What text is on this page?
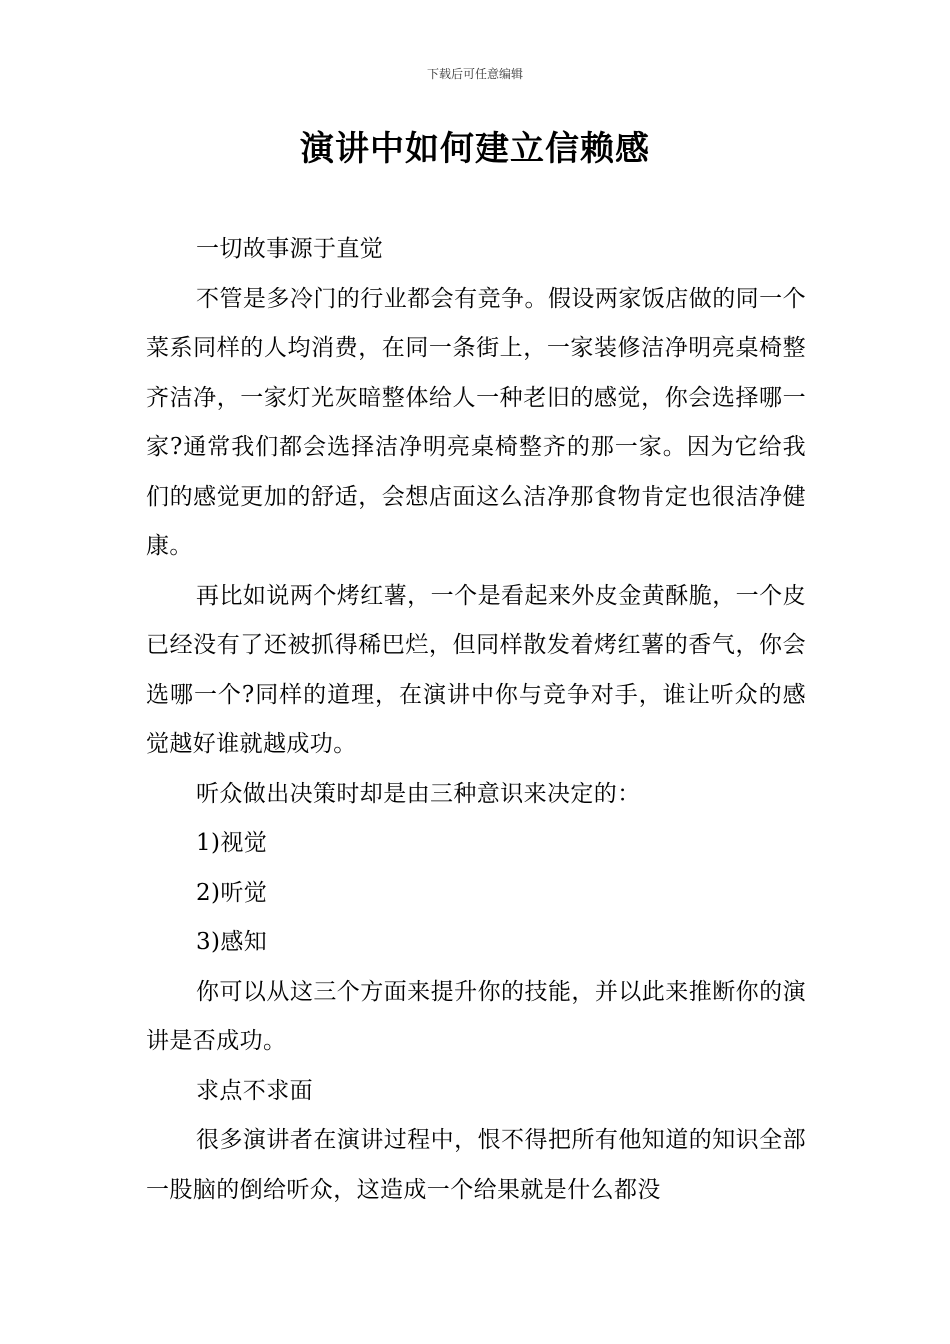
下载后可任意编辑
演讲中如何建立信赖感

一切故事源于直觉

不管是多冷门的行业都会有竞争。假设两家饭店做的同一个菜系同样的人均消费，在同一条街上，一家装修洁净明亮桌椅整齐洁净，一家灯光灰暗整体给人一种老旧的感觉，你会选择哪一家?通常我们都会选择洁净明亮桌椅整齐的那一家。因为它给我们的感觉更加的舒适，会想店面这么洁净那食物肯定也很洁净健康。

再比如说两个烤红薯，一个是看起来外皮金黄酥脆，一个皮已经没有了还被抓得稀巴烂，但同样散发着烤红薯的香气，你会选哪一个?同样的道理，在演讲中你与竞争对手，谁让听众的感觉越好谁就越成功。

听众做出决策时却是由三种意识来决定的：

1)视觉

2)听觉

3)感知

你可以从这三个方面来提升你的技能，并以此来推断你的演讲是否成功。

求点不求面

很多演讲者在演讲过程中，恨不得把所有他知道的知识全部一股脑的倒给听众，这造成一个给果就是什么都没
